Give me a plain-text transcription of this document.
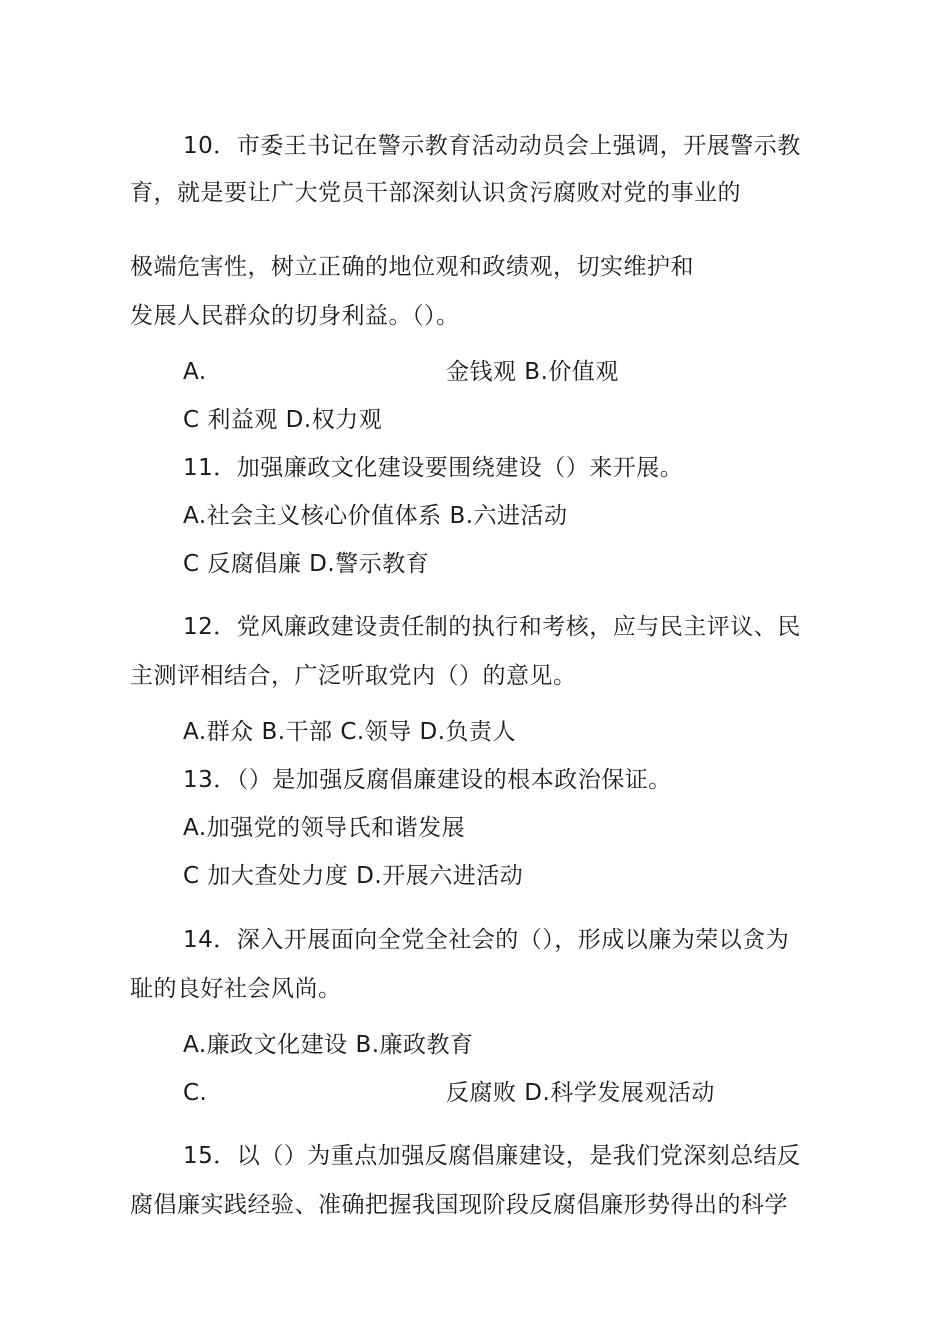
10．市委王书记在警示教育活动动员会上强调，开展警示教
育，就是要让广大党员干部深刻认识贪污腐败对党的事业的
极端危害性，树立正确的地位观和政绩观，切实维护和
发展人民群众的切身利益。（）。
A.	金钱观 B.价值观
C 利益观 D.权力观
11．加强廉政文化建设要围绕建设（）来开展。
A.社会主义核心价值体系 B.六进活动
C 反腐倡廉 D.警示教育
12．党风廉政建设责任制的执行和考核，应与民主评议、民
主测评相结合，广泛听取党内（）的意见。
A.群众 B.干部 C.领导 D.负责人
13．（）是加强反腐倡廉建设的根本政治保证。
A.加强党的领导氏和谐发展
C 加大查处力度 D.开展六进活动
14．深入开展面向全党全社会的（），形成以廉为荣以贪为
耻的良好社会风尚。
A.廉政文化建设 B.廉政教育
C.	反腐败 D.科学发展观活动
15．以（）为重点加强反腐倡廉建设，是我们党深刻总结反
腐倡廉实践经验、准确把握我国现阶段反腐倡廉形势得出的科学
